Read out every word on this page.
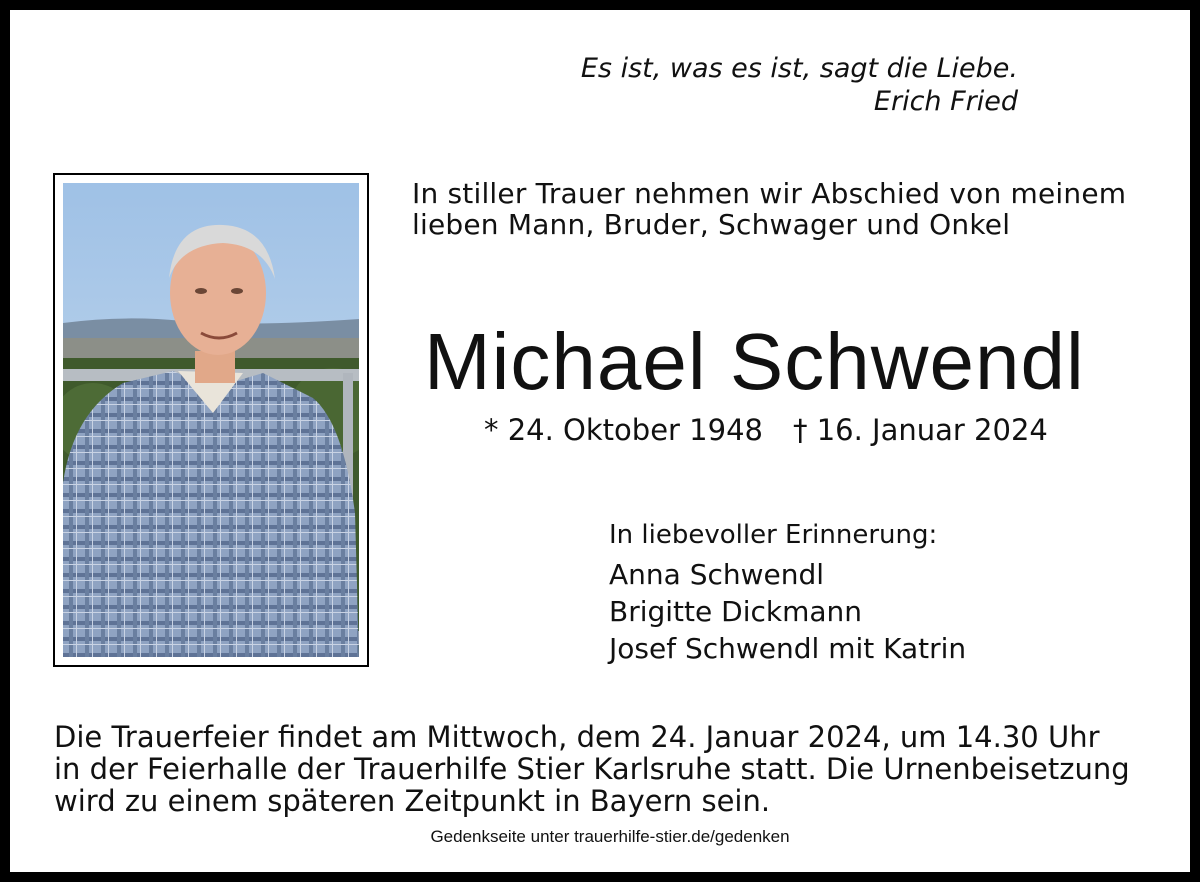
Es ist, was es ist, sagt die Liebe.
Erich Fried
In stiller Trauer nehmen wir Abschied von meinem
lieben Mann, Bruder, Schwager und Onkel
Michael Schwendl
* 24. Oktober 1948 † 16. Januar 2024
In liebevoller Erinnerung:
Anna Schwendl
Brigitte Dickmann
Josef Schwendl mit Katrin
Die Trauerfeier findet am Mittwoch, dem 24. Januar 2024, um 14.30 Uhr
in der Feierhalle der Trauerhilfe Stier Karlsruhe statt. Die Urnenbeisetzung
wird zu einem späteren Zeitpunkt in Bayern sein.
Gedenkseite unter trauerhilfe-stier.de/gedenken
